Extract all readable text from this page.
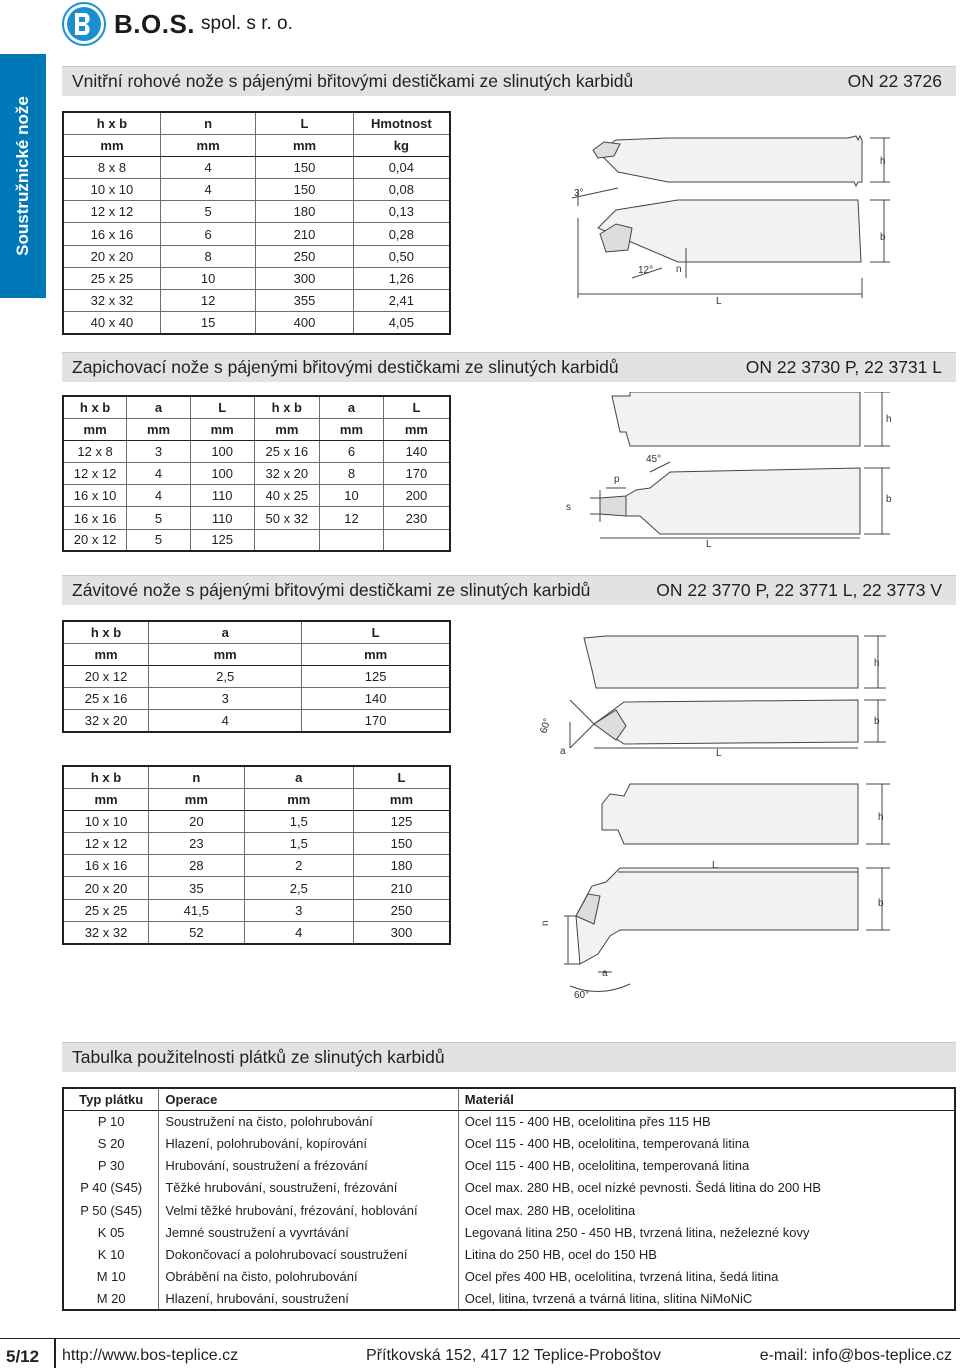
B.O.S. spol. s r. o.
Soustružnické nože
Vnitřní rohové nože s pájenými břitovými destičkami ze slinutých karbidů	ON 22 3726
h x b	n	L	Hmotnost
mm	mm	mm	kg
8 x 8	4	150	0,04
10 x 10	4	150	0,08
12 x 12	5	180	0,13
16 x 16	6	210	0,28
20 x 20	8	250	0,50
25 x 25	10	300	1,26
32 x 32	12	355	2,41
40 x 40	15	400	4,05
3°
12° n
h
b
L
Zapichovací nože s pájenými břitovými destičkami ze slinutých karbidů	ON 22 3730 P, 22 3731 L
h x b	a	L	h x b	a	L
mm	mm	mm	mm	mm	mm
12 x 8	3	100	25 x 16	6	140
12 x 12	4	100	32 x 20	8	170
16 x 10	4	110	40 x 25	10	200
16 x 16	5	110	50 x 32	12	230
20 x 12	5	125			
45°
p
s
h
b
L
Závitové nože s pájenými břitovými destičkami ze slinutých karbidů	ON 22 3770 P, 22 3771 L, 22 3773 V
h x b	a	L
mm	mm	mm
20 x 12	2,5	125
25 x 16	3	140
32 x 20	4	170	60°
a
h
b
L
h x b	n	a	L
mm	mm	mm	mm
10 x 10	20	1,5	125
12 x 12	23	1,5	150
16 x 16	28	2	180
20 x 20	35	2,5	210
25 x 25	41,5	3	250
32 x 32	52	4	300
n
a
60°
h
b
L
Tabulka použitelnosti plátků ze slinutých karbidů
Typ plátku	Operace	Materiál
P 10	Soustružení na čisto, polohrubování	Ocel 115 - 400 HB, ocelolitina přes 115 HB
S 20	Hlazení, polohrubování, kopírování	Ocel 115 - 400 HB, ocelolitina, temperovaná litina
P 30	Hrubování, soustružení a frézování	Ocel 115 - 400 HB, ocelolitina, temperovaná litina
P 40 (S45)	Těžké hrubování, soustružení, frézování	Ocel max. 280 HB, ocel nízké pevnosti. Šedá litina do 200 HB
P 50 (S45)	Velmi těžké hrubování, frézování, hoblování	Ocel max. 280 HB, ocelolitina
K 05	Jemné soustružení a vyvrtávání	Legovaná litina 250 - 450 HB, tvrzená litina, neželezné kovy
K 10	Dokončovací a polohrubovací soustružení	Litina do 250 HB, ocel do 150 HB
M 10	Obrábění na čisto, polohrubování	Ocel přes 400 HB, ocelolitina, tvrzená litina, šedá litina
M 20	Hlazení, hrubování, soustružení	Ocel, litina, tvrzená a tvárná litina, slitina NiMoNiC
5/12 http://www.bos-teplice.cz	Přítkovská 152, 417 12 Teplice-Proboštov	e-mail: info@bos-teplice.cz
